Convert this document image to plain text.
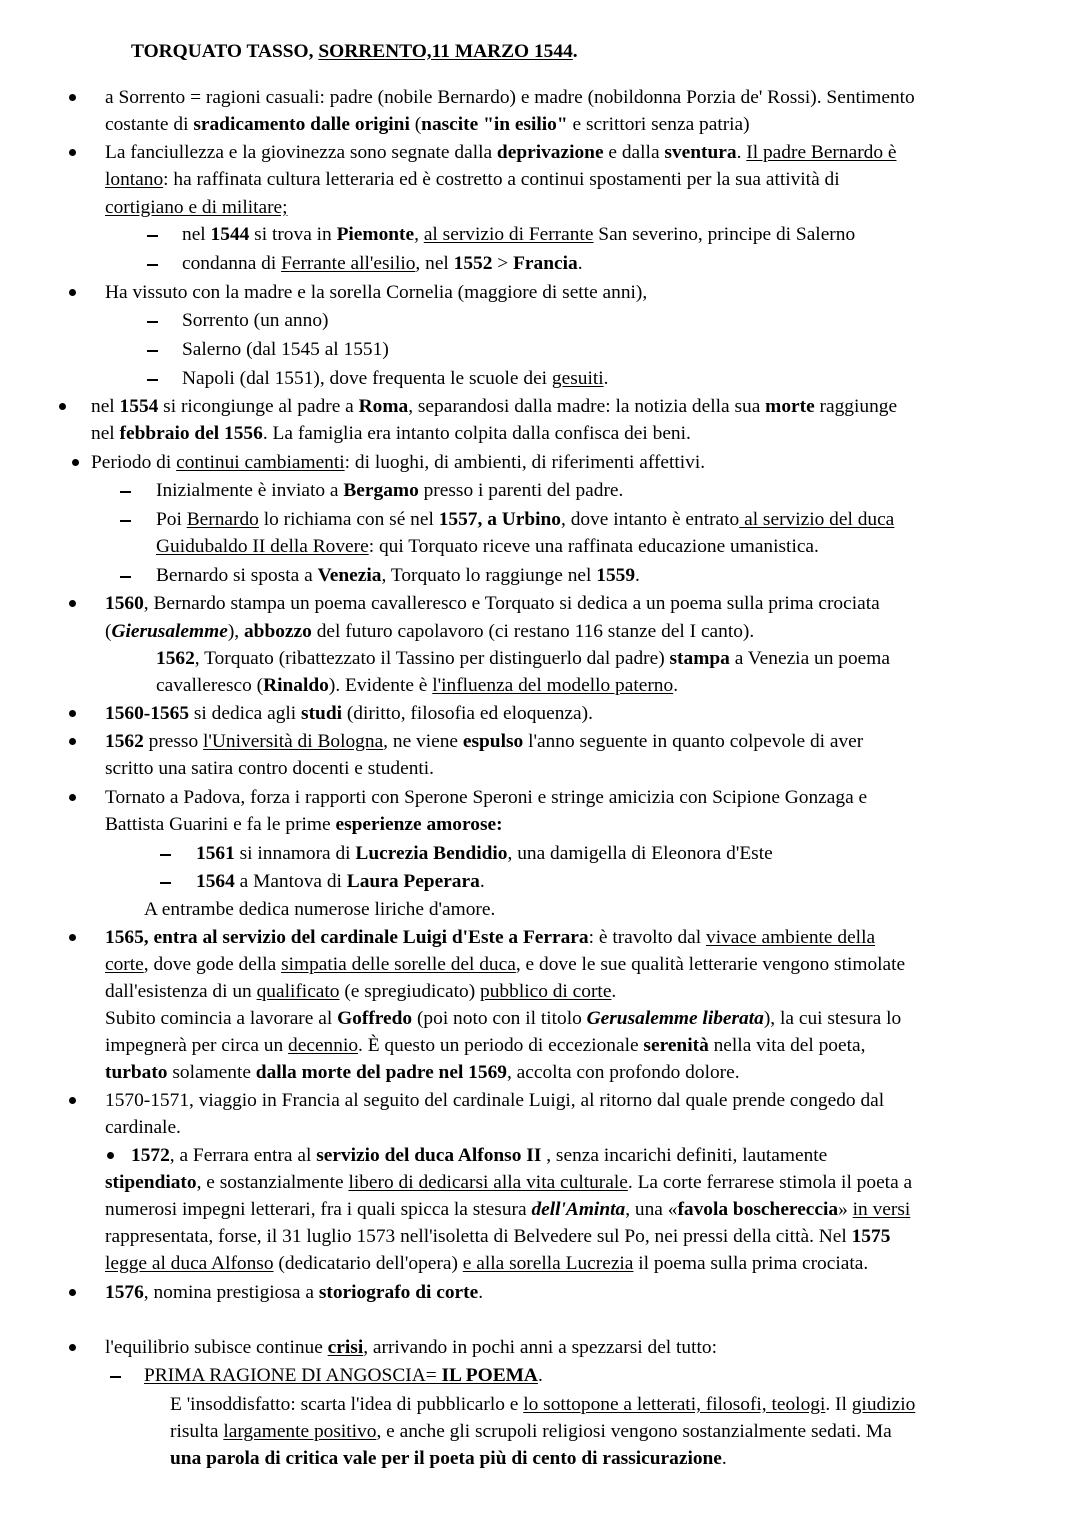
TORQUATO TASSO, SORRENTO,11 MARZO 1544.
a Sorrento = ragioni casuali: padre (nobile Bernardo) e madre (nobildonna Porzia de' Rossi). Sentimento
costante di sradicamento dalle origini (nascite "in esilio" e scrittori senza patria)
La fanciullezza e la giovinezza sono segnate dalla deprivazione e dalla sventura. Il padre Bernardo è
lontano: ha raffinata cultura letteraria ed è costretto a continui spostamenti per la sua attività di
cortigiano e di militare;
nel 1544 si trova in Piemonte, al servizio di Ferrante San severino, principe di Salerno
condanna di Ferrante all'esilio, nel 1552 > Francia.
Ha vissuto con la madre e la sorella Cornelia (maggiore di sette anni),
Sorrento (un anno)
Salerno (dal 1545 al 1551)
Napoli (dal 1551), dove frequenta le scuole dei gesuiti.
nel 1554 si ricongiunge al padre a Roma, separandosi dalla madre: la notizia della sua morte raggiunge
nel febbraio del 1556. La famiglia era intanto colpita dalla confisca dei beni.
Periodo di continui cambiamenti: di luoghi, di ambienti, di riferimenti affettivi.
Inizialmente è inviato a Bergamo presso i parenti del padre.
Poi Bernardo lo richiama con sé nel 1557, a Urbino, dove intanto è entrato al servizio del duca
Guidubaldo II della Rovere: qui Torquato riceve una raffinata educazione umanistica.
Bernardo si sposta a Venezia, Torquato lo raggiunge nel 1559.
1560, Bernardo stampa un poema cavalleresco e Torquato si dedica a un poema sulla prima crociata
(Gierusalemme), abbozzo del futuro capolavoro (ci restano 116 stanze del I canto).
1562, Torquato (ribattezzato il Tassino per distinguerlo dal padre) stampa a Venezia un poema
cavalleresco (Rinaldo). Evidente è l'influenza del modello paterno.
1560-1565 si dedica agli studi (diritto, filosofia ed eloquenza).
1562 presso l'Università di Bologna, ne viene espulso l'anno seguente in quanto colpevole di aver
scritto una satira contro docenti e studenti.
Tornato a Padova, forza i rapporti con Sperone Speroni e stringe amicizia con Scipione Gonzaga e
Battista Guarini e fa le prime esperienze amorose:
1561 si innamora di Lucrezia Bendidio, una damigella di Eleonora d'Este
1564 a Mantova di Laura Peperara.
A entrambe dedica numerose liriche d'amore.
1565, entra al servizio del cardinale Luigi d'Este a Ferrara: è travolto dal vivace ambiente della
corte, dove gode della simpatia delle sorelle del duca, e dove le sue qualità letterarie vengono stimolate
dall'esistenza di un qualificato (e spregiudicato) pubblico di corte.
Subito comincia a lavorare al Goffredo (poi noto con il titolo Gerusalemme liberata), la cui stesura lo
impegnerà per circa un decennio. È questo un periodo di eccezionale serenità nella vita del poeta,
turbato solamente dalla morte del padre nel 1569, accolta con profondo dolore.
1570-1571, viaggio in Francia al seguito del cardinale Luigi, al ritorno dal quale prende congedo dal
cardinale.
1572, a Ferrara entra al servizio del duca Alfonso II , senza incarichi definiti, lautamente
stipendiato, e sostanzialmente libero di dedicarsi alla vita culturale. La corte ferrarese stimola il poeta a
numerosi impegni letterari, fra i quali spicca la stesura dell'Aminta, una «favola boschereccia» in versi
rappresentata, forse, il 31 luglio 1573 nell'isoletta di Belvedere sul Po, nei pressi della città. Nel 1575
legge al duca Alfonso (dedicatario dell'opera) e alla sorella Lucrezia il poema sulla prima crociata.
1576, nomina prestigiosa a storiografo di corte.
l'equilibrio subisce continue crisi, arrivando in pochi anni a spezzarsi del tutto:
PRIMA RAGIONE DI ANGOSCIA= IL POEMA.
E 'insoddisfatto: scarta l'idea di pubblicarlo e lo sottopone a letterati, filosofi, teologi. Il giudizio
risulta largamente positivo, e anche gli scrupoli religiosi vengono sostanzialmente sedati. Ma
una parola di critica vale per il poeta più di cento di rassicurazione.
